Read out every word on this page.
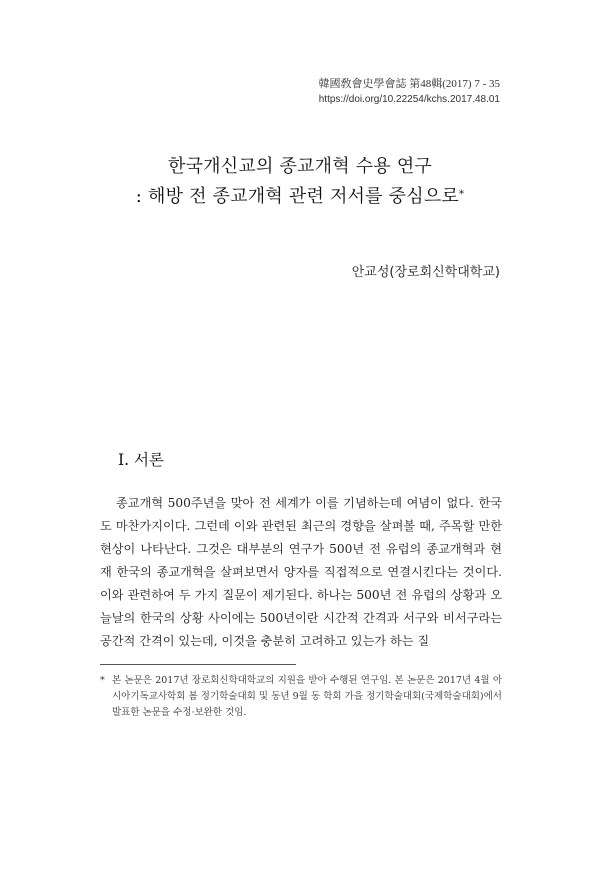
韓國敎會史學會誌 第48輯(2017) 7 - 35
https://doi.org/10.22254/kchs.2017.48.01
한국개신교의 종교개혁 수용 연구
: 해방 전 종교개혁 관련 저서를 중심으로*
안교성(장로회신학대학교)
I. 서론
종교개혁 500주년을 맞아 전 세계가 이를 기념하는데 여념이 없다. 한국도 마찬가지이다. 그런데 이와 관련된 최근의 경향을 살펴볼 때, 주목할 만한 현상이 나타난다. 그것은 대부분의 연구가 500년 전 유럽의 종교개혁과 현재 한국의 종교개혁을 살펴보면서 양자를 직접적으로 연결시킨다는 것이다. 이와 관련하여 두 가지 질문이 제기된다. 하나는 500년 전 유럽의 상황과 오늘날의 한국의 상황 사이에는 500년이란 시간적 간격과 서구와 비서구라는 공간적 간격이 있는데, 이것을 충분히 고려하고 있는가 하는 질
* 본 논문은 2017년 장로회신학대학교의 지원을 받아 수행된 연구임. 본 논문은 2017년 4월 아시아기독교사학회 봄 정기학술대회 및 동년 9월 동 학회 가을 정기학술대회(국제학술대회)에서 발표한 논문을 수정·보완한 것임.
